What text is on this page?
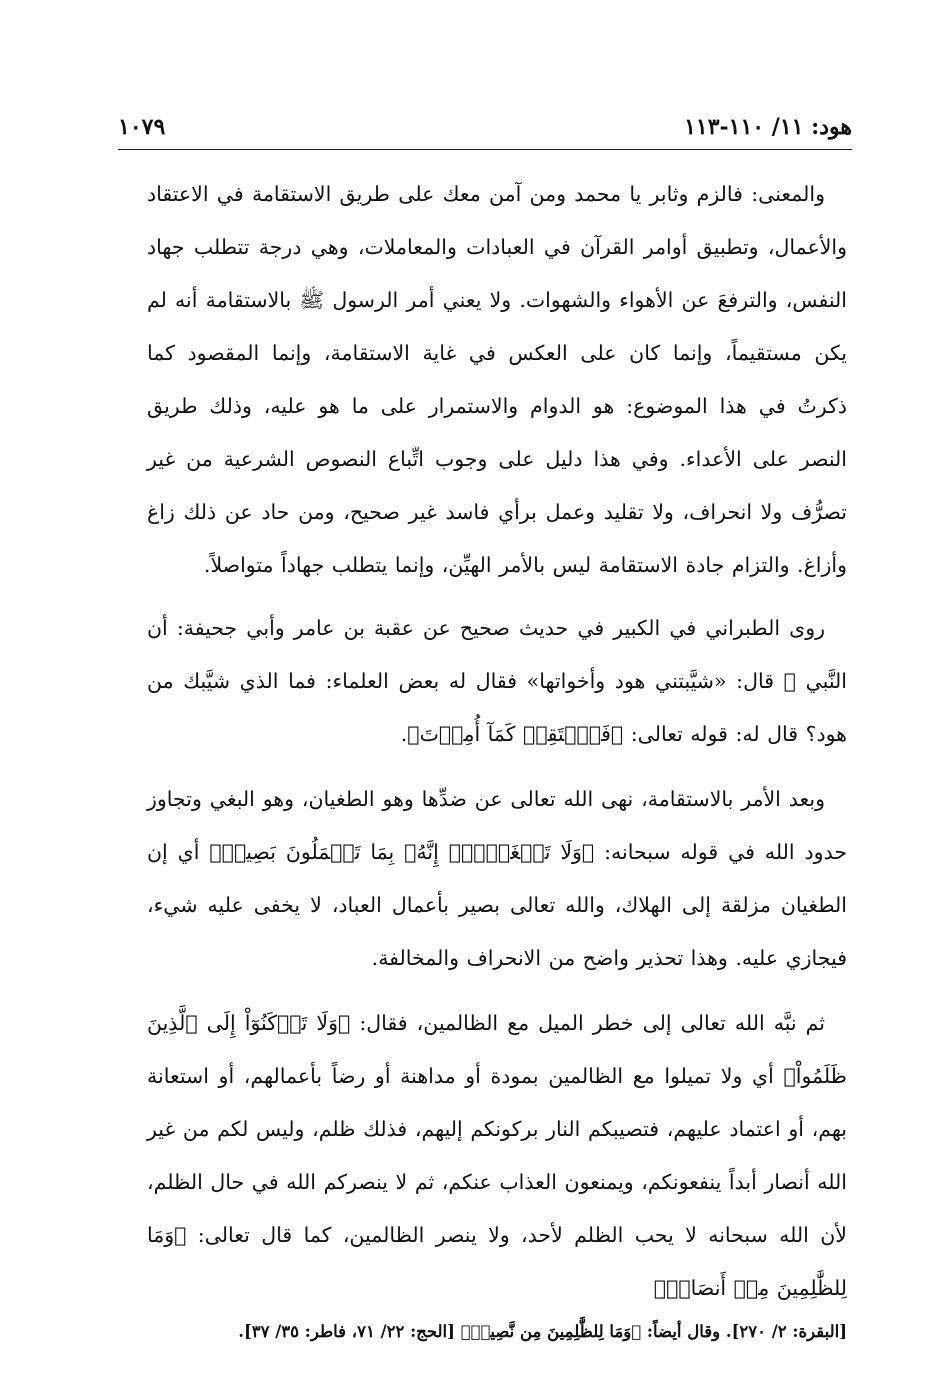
هود: ١١/ ١١٠-١١٣
١٠٧٩

والمعنى: فالزم وثابر يا محمد ومن آمن معك على طريق الاستقامة في الاعتقاد والأعمال، وتطبيق أوامر القرآن في العبادات والمعاملات، وهي درجة تتطلب جهاد النفس، والترفعَ عن الأهواء والشهوات. ولا يعني أمر الرسول ﷺ بالاستقامة أنه لم يكن مستقيماً، وإنما كان على العكس في غاية الاستقامة، وإنما المقصود كما ذكرتُ في هذا الموضوع: هو الدوام والاستمرار على ما هو عليه، وذلك طريق النصر على الأعداء. وفي هذا دليل على وجوب اتِّباع النصوص الشرعية من غير تصرُّف ولا انحراف، ولا تقليد وعمل برأي فاسد غير صحيح، ومن حاد عن ذلك زاغ وأزاغ. والتزام جادة الاستقامة ليس بالأمر الهيِّن، وإنما يتطلب جهاداً متواصلاً.

روى الطبراني في الكبير في حديث صحيح عن عقبة بن عامر وأبي جحيفة: أن النَّبي ﷺ قال: «شيَّبتني هود وأخواتها» فقال له بعض العلماء: فما الذي شيَّبك من هود؟ قال له: قوله تعالى: ﴿فَٱسۡتَقِمۡ كَمَآ أُمِرۡتَ﴾.

وبعد الأمر بالاستقامة، نهى الله تعالى عن ضدِّها وهو الطغيان، وهو البغي وتجاوز حدود الله في قوله سبحانه: ﴿وَلَا تَطۡغَوۡاْۚ إِنَّهُۥ بِمَا تَعۡمَلُونَ بَصِيرٞ﴾ أي إن الطغيان مزلقة إلى الهلاك، والله تعالى بصير بأعمال العباد، لا يخفى عليه شيء، فيجازي عليه. وهذا تحذير واضح من الانحراف والمخالفة.

ثم نبَّه الله تعالى إلى خطر الميل مع الظالمين، فقال: ﴿وَلَا تَرۡكَنُوٓاْ إِلَى ٱلَّذِينَ ظَلَمُواْ﴾ أي ولا تميلوا مع الظالمين بمودة أو مداهنة أو رضاً بأعمالهم، أو استعانة بهم، أو اعتماد عليهم، فتصيبكم النار بركونكم إليهم، فذلك ظلم، وليس لكم من غير الله أنصار أبداً ينفعونكم، ويمنعون العذاب عنكم، ثم لا ينصركم الله في حال الظلم، لأن الله سبحانه لا يحب الظلم لأحد، ولا ينصر الظالمين، كما قال تعالى: ﴿وَمَا لِلظَّٰلِمِينَ مِنۡ أَنصَارٖ﴾

[البقرة: ٢/ ٢٧٠]. وقال أيضاً: ﴿وَمَا لِلظَّٰلِمِينَ مِن نَّصِيرٖ﴾ [الحج: ٢٢/ ٧١، فاطر: ٣٥/ ٣٧].
